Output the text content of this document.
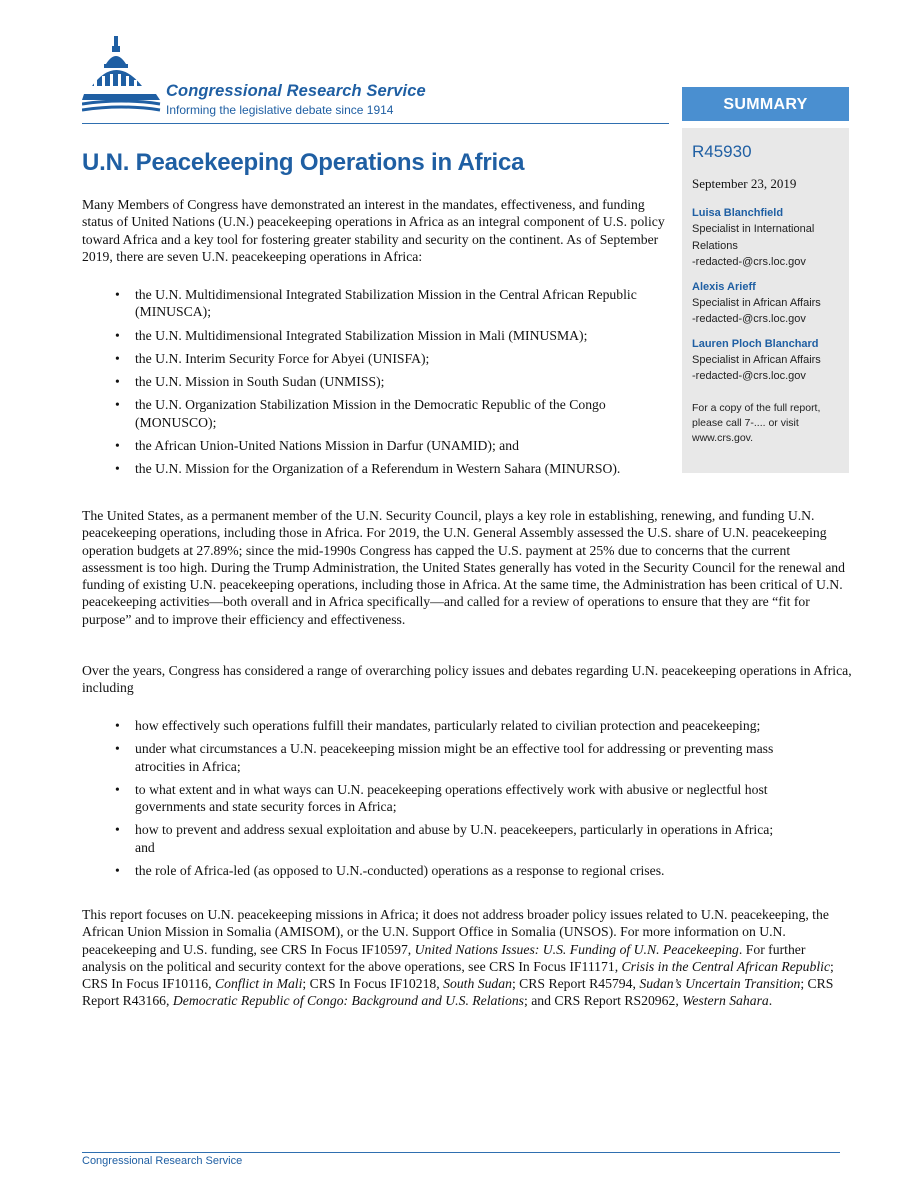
Congressional Research Service
Informing the legislative debate since 1914	SUMMARY
R45930
September 23, 2019
Luisa Blanchfield
Specialist in International
Relations
-redacted-@crs.loc.gov
Alexis Arieff
Specialist in African Affairs
-redacted-@crs.loc.gov
Lauren Ploch Blanchard
Specialist in African Affairs
-redacted-@crs.loc.gov
For a copy of the full report, please call 7-.... or visit www.crs.gov.
U.N. Peacekeeping Operations in Africa

Many Members of Congress have demonstrated an interest in the mandates, effectiveness, and funding status of United Nations (U.N.) peacekeeping operations in Africa as an integral component of U.S. policy toward Africa and a key tool for fostering greater stability and security on the continent. As of September 2019, there are seven U.N. peacekeeping operations in Africa:

• the U.N. Multidimensional Integrated Stabilization Mission in the Central African Republic (MINUSCA);
• the U.N. Multidimensional Integrated Stabilization Mission in Mali (MINUSMA);
• the U.N. Interim Security Force for Abyei (UNISFA);
• the U.N. Mission in South Sudan (UNMISS);
• the U.N. Organization Stabilization Mission in the Democratic Republic of the Congo (MONUSCO);
• the African Union-United Nations Mission in Darfur (UNAMID); and
• the U.N. Mission for the Organization of a Referendum in Western Sahara (MINURSO).

The United States, as a permanent member of the U.N. Security Council, plays a key role in establishing, renewing, and funding U.N. peacekeeping operations, including those in Africa. For 2019, the U.N. General Assembly assessed the U.S. share of U.N. peacekeeping operation budgets at 27.89%; since the mid-1990s Congress has capped the U.S. payment at 25% due to concerns that the current assessment is too high. During the Trump Administration, the United States generally has voted in the Security Council for the renewal and funding of existing U.N. peacekeeping operations, including those in Africa. At the same time, the Administration has been critical of U.N. peacekeeping activities—both overall and in Africa specifically—and called for a review of operations to ensure that they are “fit for purpose” and to improve their efficiency and effectiveness.

Over the years, Congress has considered a range of overarching policy issues and debates regarding U.N. peacekeeping operations in Africa, including

• how effectively such operations fulfill their mandates, particularly related to civilian protection and peacekeeping;
• under what circumstances a U.N. peacekeeping mission might be an effective tool for addressing or preventing mass atrocities in Africa;
• to what extent and in what ways can U.N. peacekeeping operations effectively work with abusive or neglectful host governments and state security forces in Africa;
• how to prevent and address sexual exploitation and abuse by U.N. peacekeepers, particularly in operations in Africa; and
• the role of Africa-led (as opposed to U.N.-conducted) operations as a response to regional crises.

This report focuses on U.N. peacekeeping missions in Africa; it does not address broader policy issues related to U.N. peacekeeping, the African Union Mission in Somalia (AMISOM), or the U.N. Support Office in Somalia (UNSOS). For more information on U.N. peacekeeping and U.S. funding, see CRS In Focus IF10597, United Nations Issues: U.S. Funding of U.N. Peacekeeping. For further analysis on the political and security context for the above operations, see CRS In Focus IF11171, Crisis in the Central African Republic; CRS In Focus IF10116, Conflict in Mali; CRS In Focus IF10218, South Sudan; CRS Report R45794, Sudan’s Uncertain Transition; CRS Report R43166, Democratic Republic of Congo: Background and U.S. Relations; and CRS Report RS20962, Western Sahara.

Congressional Research Service
